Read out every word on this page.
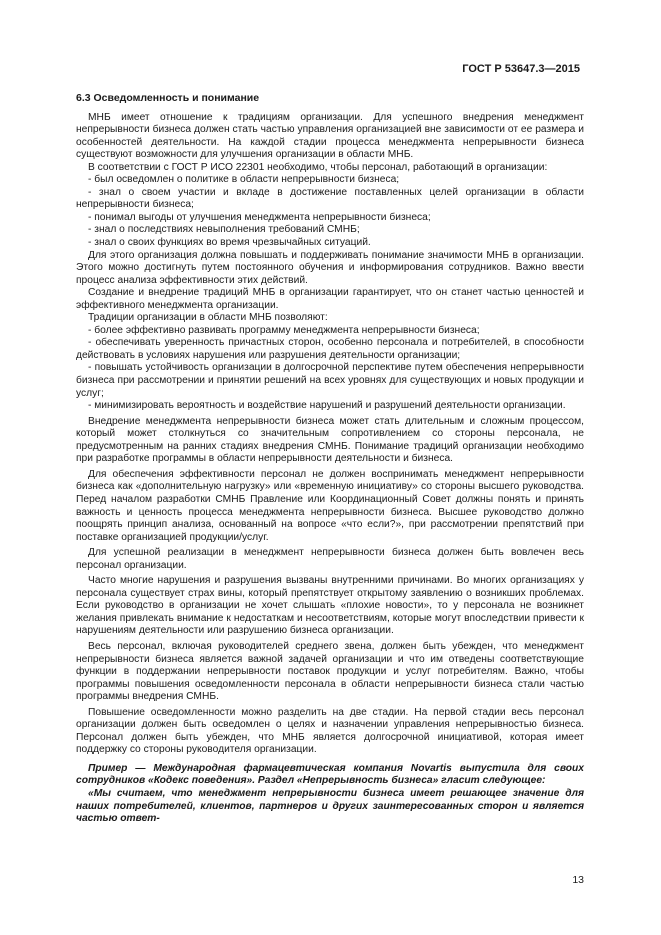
ГОСТ Р 53647.3—2015
6.3 Осведомленность и понимание

МНБ имеет отношение к традициям организации. Для успешного внедрения менеджмент непрерывности бизнеса должен стать частью управления организацией вне зависимости от ее размера и особенностей деятельности. На каждой стадии процесса менеджмента непрерывности бизнеса существуют возможности для улучшения организации в области МНБ.

В соответствии с ГОСТ Р ИСО 22301 необходимо, чтобы персонал, работающий в организации:

- был осведомлен о политике в области непрерывности бизнеса;

- знал о своем участии и вкладе в достижение поставленных целей организации в области непрерывности бизнеса;

- понимал выгоды от улучшения менеджмента непрерывности бизнеса;

- знал о последствиях невыполнения требований СМНБ;

- знал о своих функциях во время чрезвычайных ситуаций.

Для этого организация должна повышать и поддерживать понимание значимости МНБ в организации. Этого можно достигнуть путем постоянного обучения и информирования сотрудников. Важно ввести процесс анализа эффективности этих действий.

Создание и внедрение традиций МНБ в организации гарантирует, что он станет частью ценностей и эффективного менеджмента организации.

Традиции организации в области МНБ позволяют:

- более эффективно развивать программу менеджмента непрерывности бизнеса;

- обеспечивать уверенность причастных сторон, особенно персонала и потребителей, в способности действовать в условиях нарушения или разрушения деятельности организации;

- повышать устойчивость организации в долгосрочной перспективе путем обеспечения непрерывности бизнеса при рассмотрении и принятии решений на всех уровнях для существующих и новых продукции и услуг;

- минимизировать вероятность и воздействие нарушений и разрушений деятельности организации.

Внедрение менеджмента непрерывности бизнеса может стать длительным и сложным процессом, который может столкнуться со значительным сопротивлением со стороны персонала, не предусмотренным на ранних стадиях внедрения СМНБ. Понимание традиций организации необходимо при разработке программы в области непрерывности деятельности и бизнеса.

Для обеспечения эффективности персонал не должен воспринимать менеджмент непрерывности бизнеса как «дополнительную нагрузку» или «временную инициативу» со стороны высшего руководства. Перед началом разработки СМНБ Правление или Координационный Совет должны понять и принять важность и ценность процесса менеджмента непрерывности бизнеса. Высшее руководство должно поощрять принцип анализа, основанный на вопросе «что если?», при рассмотрении препятствий при поставке организацией продукции/услуг.

Для успешной реализации в менеджмент непрерывности бизнеса должен быть вовлечен весь персонал организации.

Часто многие нарушения и разрушения вызваны внутренними причинами. Во многих организациях у персонала существует страх вины, который препятствует открытому заявлению о возникших проблемах. Если руководство в организации не хочет слышать «плохие новости», то у персонала не возникнет желания привлекать внимание к недостаткам и несоответствиям, которые могут впоследствии привести к нарушениям деятельности или разрушению бизнеса организации.

Весь персонал, включая руководителей среднего звена, должен быть убежден, что менеджмент непрерывности бизнеса является важной задачей организации и что им отведены соответствующие функции в поддержании непрерывности поставок продукции и услуг потребителям. Важно, чтобы программы повышения осведомленности персонала в области непрерывности бизнеса стали частью программы внедрения СМНБ.

Повышение осведомленности можно разделить на две стадии. На первой стадии весь персонал организации должен быть осведомлен о целях и назначении управления непрерывностью бизнеса. Персонал должен быть убежден, что МНБ является долгосрочной инициативой, которая имеет поддержку со стороны руководителя организации.

Пример — Международная фармацевтическая компания Novartis выпустила для своих сотрудников «Кодекс поведения». Раздел «Непрерывность бизнеса» гласит следующее:

«Мы считаем, что менеджмент непрерывности бизнеса имеет решающее значение для наших потребителей, клиентов, партнеров и других заинтересованных сторон и является частью ответ-

13
